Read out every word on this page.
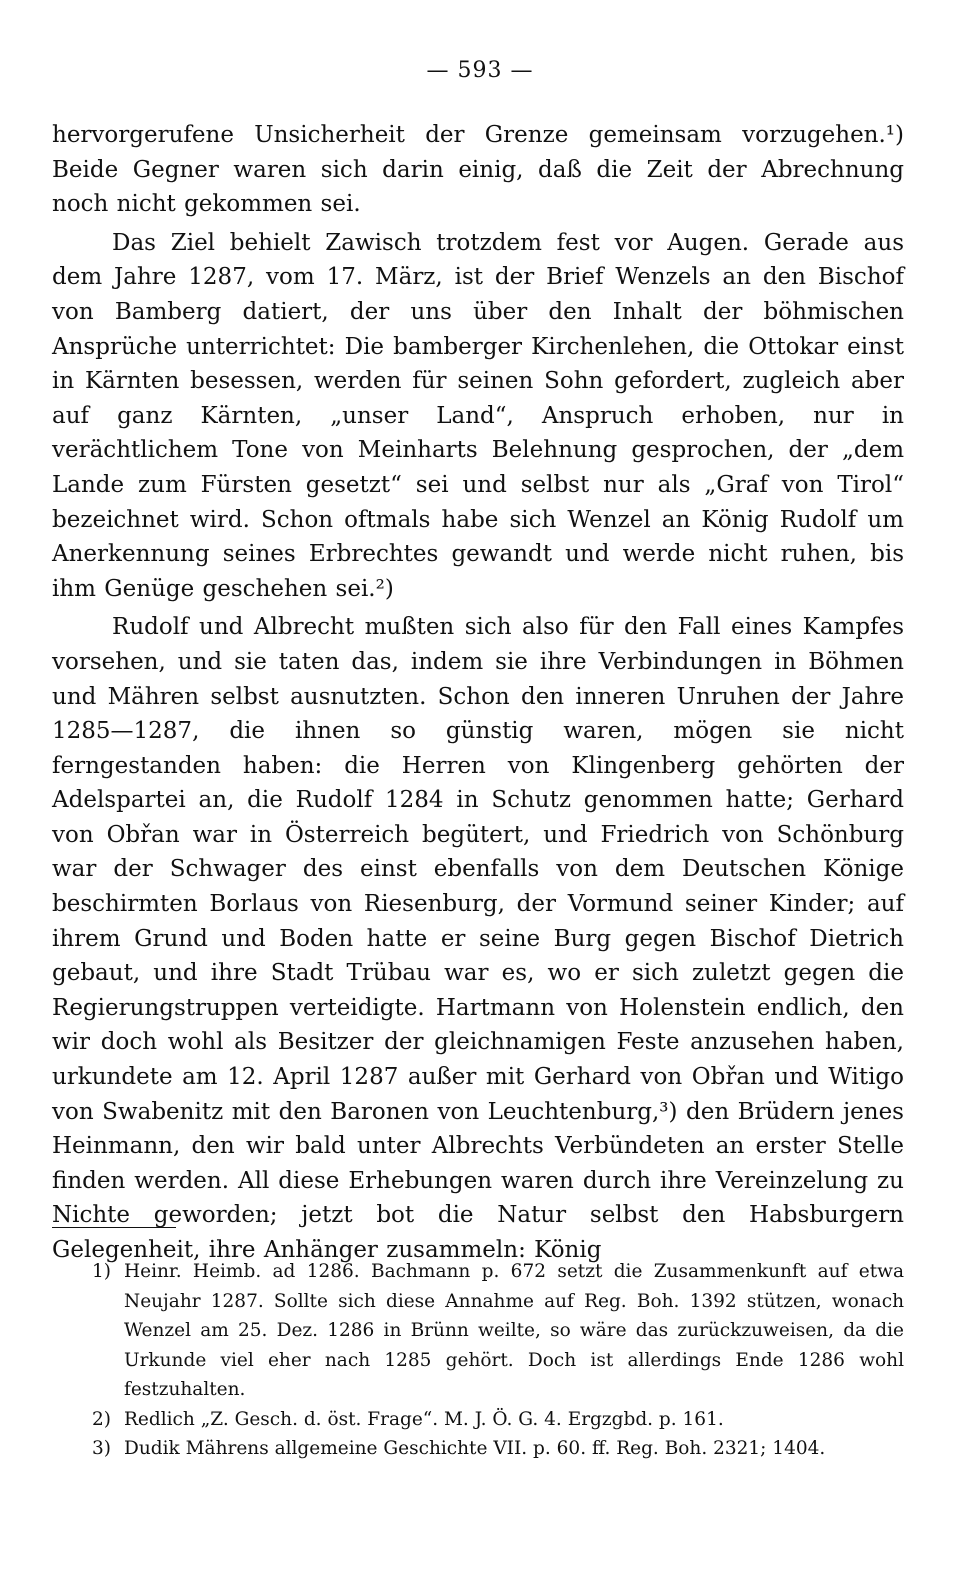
— 593 —

hervorgerufene Unsicherheit der Grenze gemeinsam vorzugehen.¹) Beide Gegner waren sich darin einig, daß die Zeit der Abrechnung noch nicht gekommen sei.

Das Ziel behielt Zawisch trotzdem fest vor Augen. Gerade aus dem Jahre 1287, vom 17. März, ist der Brief Wenzels an den Bischof von Bamberg datiert, der uns über den Inhalt der böhmischen Ansprüche unterrichtet: Die bamberger Kirchenlehen, die Ottokar einst in Kärnten besessen, werden für seinen Sohn gefordert, zugleich aber auf ganz Kärnten, „unser Land“, Anspruch erhoben, nur in verächtlichem Tone von Meinharts Belehnung gesprochen, der „dem Lande zum Fürsten gesetzt“ sei und selbst nur als „Graf von Tirol“ bezeichnet wird. Schon oftmals habe sich Wenzel an König Rudolf um Anerkennung seines Erbrechtes gewandt und werde nicht ruhen, bis ihm Genüge geschehen sei.²)

Rudolf und Albrecht mußten sich also für den Fall eines Kampfes vorsehen, und sie taten das, indem sie ihre Verbindungen in Böhmen und Mähren selbst ausnutzten. Schon den inneren Unruhen der Jahre 1285—1287, die ihnen so günstig waren, mögen sie nicht ferngestanden haben: die Herren von Klingenberg gehörten der Adelspartei an, die Rudolf 1284 in Schutz genommen hatte; Gerhard von Obřan war in Österreich begütert, und Friedrich von Schönburg war der Schwager des einst ebenfalls von dem Deutschen Könige beschirmten Borlaus von Riesenburg, der Vormund seiner Kinder; auf ihrem Grund und Boden hatte er seine Burg gegen Bischof Dietrich gebaut, und ihre Stadt Trübau war es, wo er sich zuletzt gegen die Regierungstruppen verteidigte. Hartmann von Holenstein endlich, den wir doch wohl als Besitzer der gleichnamigen Feste anzusehen haben, urkundete am 12. April 1287 außer mit Gerhard von Obřan und Witigo von Swabenitz mit den Baronen von Leuchtenburg,³) den Brüdern jenes Heinmann, den wir bald unter Albrechts Verbündeten an erster Stelle finden werden. All diese Erhebungen waren durch ihre Vereinzelung zu Nichte geworden; jetzt bot die Natur selbst den Habsburgern Gelegenheit, ihre Anhänger zusammeln: König

1) Heinr. Heimb. ad 1286. Bachmann p. 672 setzt die Zusammenkunft auf etwa Neujahr 1287. Sollte sich diese Annahme auf Reg. Boh. 1392 stützen, wonach Wenzel am 25. Dez. 1286 in Brünn weilte, so wäre das zurückzuweisen, da die Urkunde viel eher nach 1285 gehört. Doch ist allerdings Ende 1286 wohl festzuhalten.
2) Redlich „Z. Gesch. d. öst. Frage“. M. J. Ö. G. 4. Ergzgbd. p. 161.
3) Dudik Mährens allgemeine Geschichte VII. p. 60. ff. Reg. Boh. 2321; 1404.
